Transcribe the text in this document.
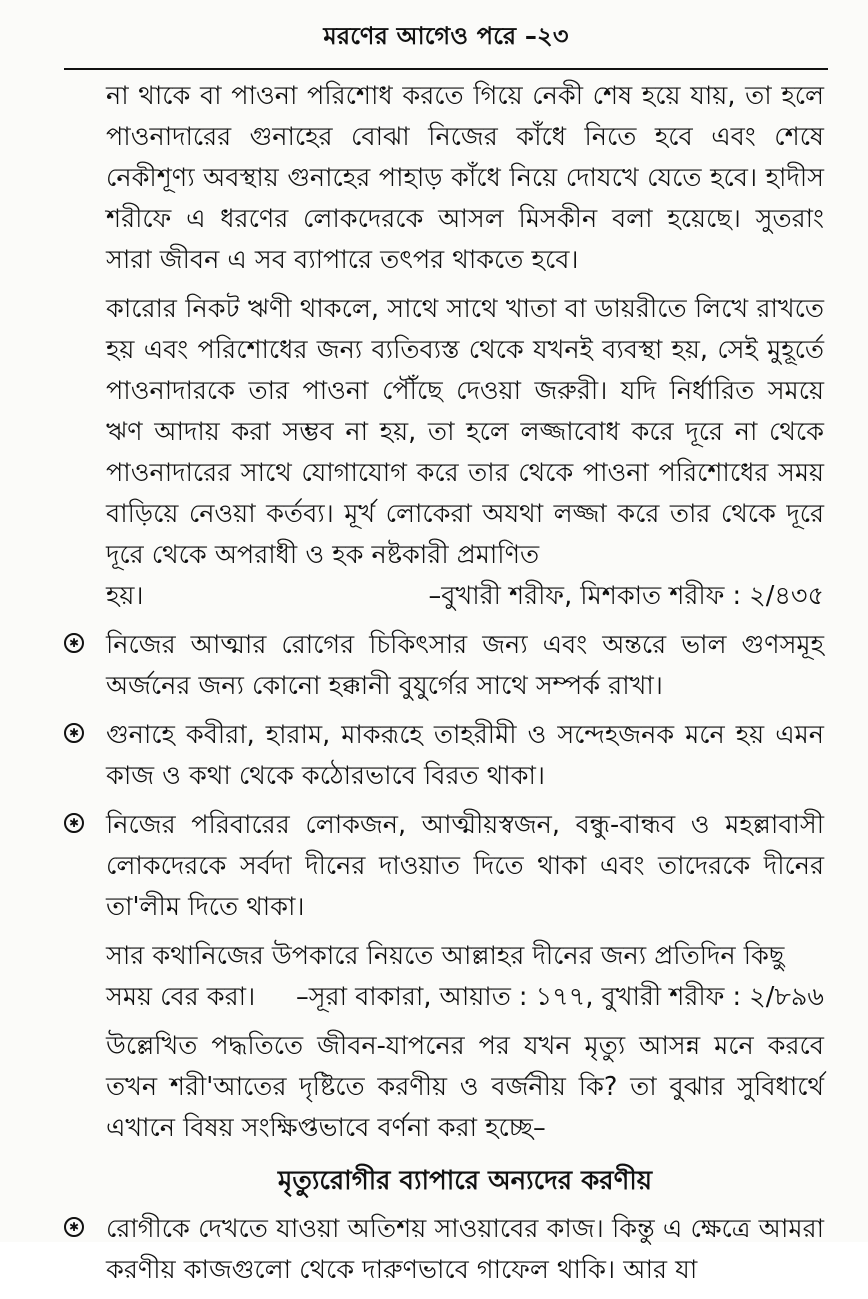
মরণের আগেও পরে –২৩

না থাকে বা পাওনা পরিশোধ করতে গিয়ে নেকী শেষ হয়ে যায়, তা হলে পাওনাদারের গুনাহের বোঝা নিজের কাঁধে নিতে হবে এবং শেষে নেকীশূণ্য অবস্থায় গুনাহের পাহাড় কাঁধে নিয়ে দোযখে যেতে হবে। হাদীস শরীফে এ ধরণের লোকদেরকে আসল মিসকীন বলা হয়েছে। সুতরাং সারা জীবন এ সব ব্যাপারে তৎপর থাকতে হবে।

কারোর নিকট ঋণী থাকলে, সাথে সাথে খাতা বা ডায়রীতে লিখে রাখতে হয় এবং পরিশোধের জন্য ব্যতিব্যস্ত থেকে যখনই ব্যবস্থা হয়, সেই মুহূর্তে পাওনাদারকে তার পাওনা পৌঁছে দেওয়া জরুরী। যদি নির্ধারিত সময়ে ঋণ আদায় করা সম্ভব না হয়, তা হলে লজ্জাবোধ করে দূরে না থেকে পাওনাদারের সাথে যোগাযোগ করে তার থেকে পাওনা পরিশোধের সময় বাড়িয়ে নেওয়া কর্তব্য। মূর্খ লোকেরা অযথা লজ্জা করে তার থেকে দূরে দূরে থেকে অপরাধী ও হক নষ্টকারী প্রমাণিত
হয়।	–বুখারী শরীফ, মিশকাত শরীফ : ২/৪৩৫
✱ নিজের আত্মার রোগের চিকিৎসার জন্য এবং অন্তরে ভাল গুণসমূহ অর্জনের জন্য কোনো হক্কানী বুযুর্গের সাথে সম্পর্ক রাখা।
✱ গুনাহে কবীরা, হারাম, মাকরূহে তাহরীমী ও সন্দেহজনক মনে হয় এমন কাজ ও কথা থেকে কঠোরভাবে বিরত থাকা।
✱ নিজের পরিবারের লোকজন, আত্মীয়স্বজন, বন্ধু-বান্ধব ও মহল্লাবাসী লোকদেরকে সর্বদা দীনের দাওয়াত দিতে থাকা এবং তাদেরকে দীনের তা'লীম দিতে থাকা।
সার কথানিজের উপকারে নিয়তে আল্লাহর দীনের জন্য প্রতিদিন কিছু
সময় বের করা। –সূরা বাকারা, আয়াত : ১৭৭, বুখারী শরীফ : ২/৮৯৬

উল্লেখিত পদ্ধতিতে জীবন-যাপনের পর যখন মৃত্যু আসন্ন মনে করবে তখন শরী'আতের দৃষ্টিতে করণীয় ও বর্জনীয় কি? তা বুঝার সুবিধার্থে এখানে বিষয় সংক্ষিপ্তভাবে বর্ণনা করা হচ্ছে–

মৃত্যুরোগীর ব্যাপারে অন্যদের করণীয়
✱ রোগীকে দেখতে যাওয়া অতিশয় সাওয়াবের কাজ। কিন্তু এ ক্ষেত্রে আমরা করণীয় কাজগুলো থেকে দারুণভাবে গাফেল থাকি। আর যা
